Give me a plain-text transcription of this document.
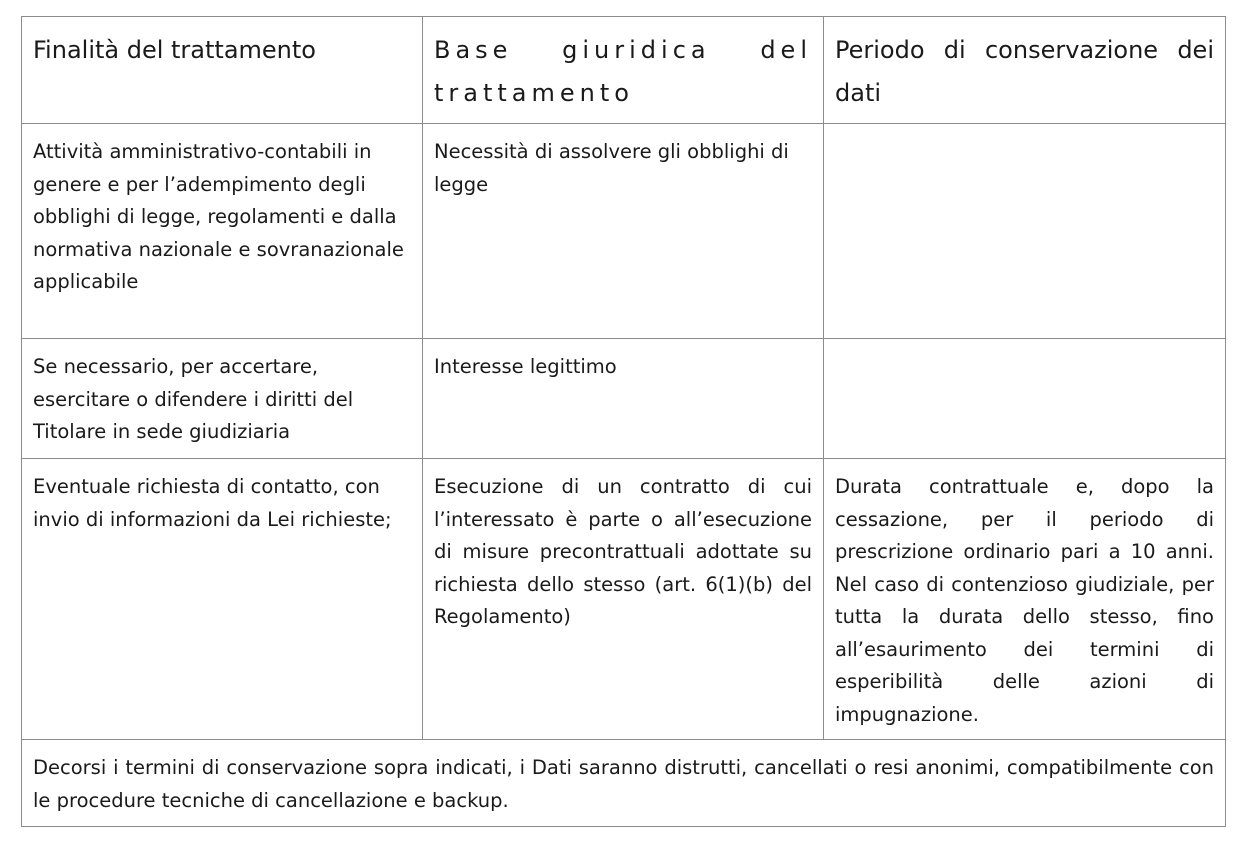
Finalità del trattamento	Base giuridica del trattamento	Periodo di conservazione dei dati
Attività amministrativo-contabili in genere e per l’adempimento degli obblighi di legge, regolamenti e dalla normativa nazionale e sovranazionale applicabile	Necessità di assolvere gli obblighi di legge	
Se necessario, per accertare, esercitare o difendere i diritti del Titolare in sede giudiziaria	Interesse legittimo	
Eventuale richiesta di contatto, con invio di informazioni da Lei richieste;	Esecuzione di un contratto di cui l’interessato è parte o all’esecuzione di misure precontrattuali adottate su richiesta dello stesso (art. 6(1)(b) del Regolamento)	Durata contrattuale e, dopo la cessazione, per il periodo di prescrizione ordinario pari a 10 anni. Nel caso di contenzioso giudiziale, per tutta la durata dello stesso, fino all’esaurimento dei termini di esperibilità delle azioni di impugnazione.
Decorsi i termini di conservazione sopra indicati, i Dati saranno distrutti, cancellati o resi anonimi, compatibilmente con le procedure tecniche di cancellazione e backup.		
